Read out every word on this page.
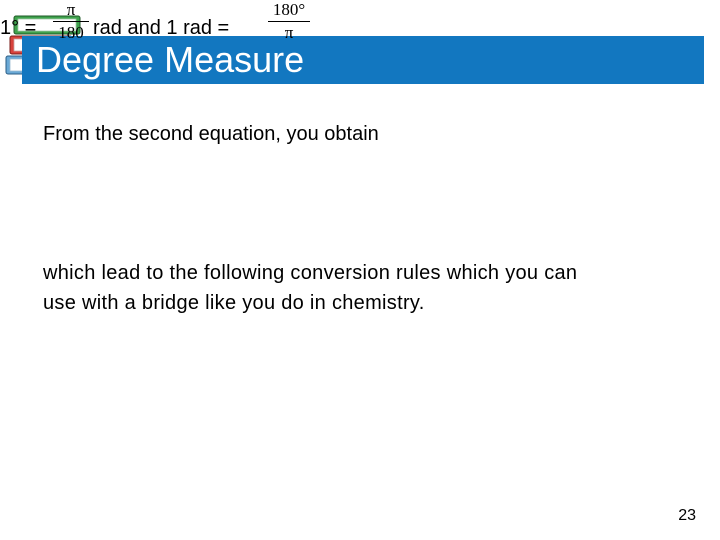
Degree Measure
From the second equation, you obtain
1° =
π
180 rad and 1 rad =
180°
π
which lead to the following conversion rules which you can
use with a bridge like you do in chemistry.
23
